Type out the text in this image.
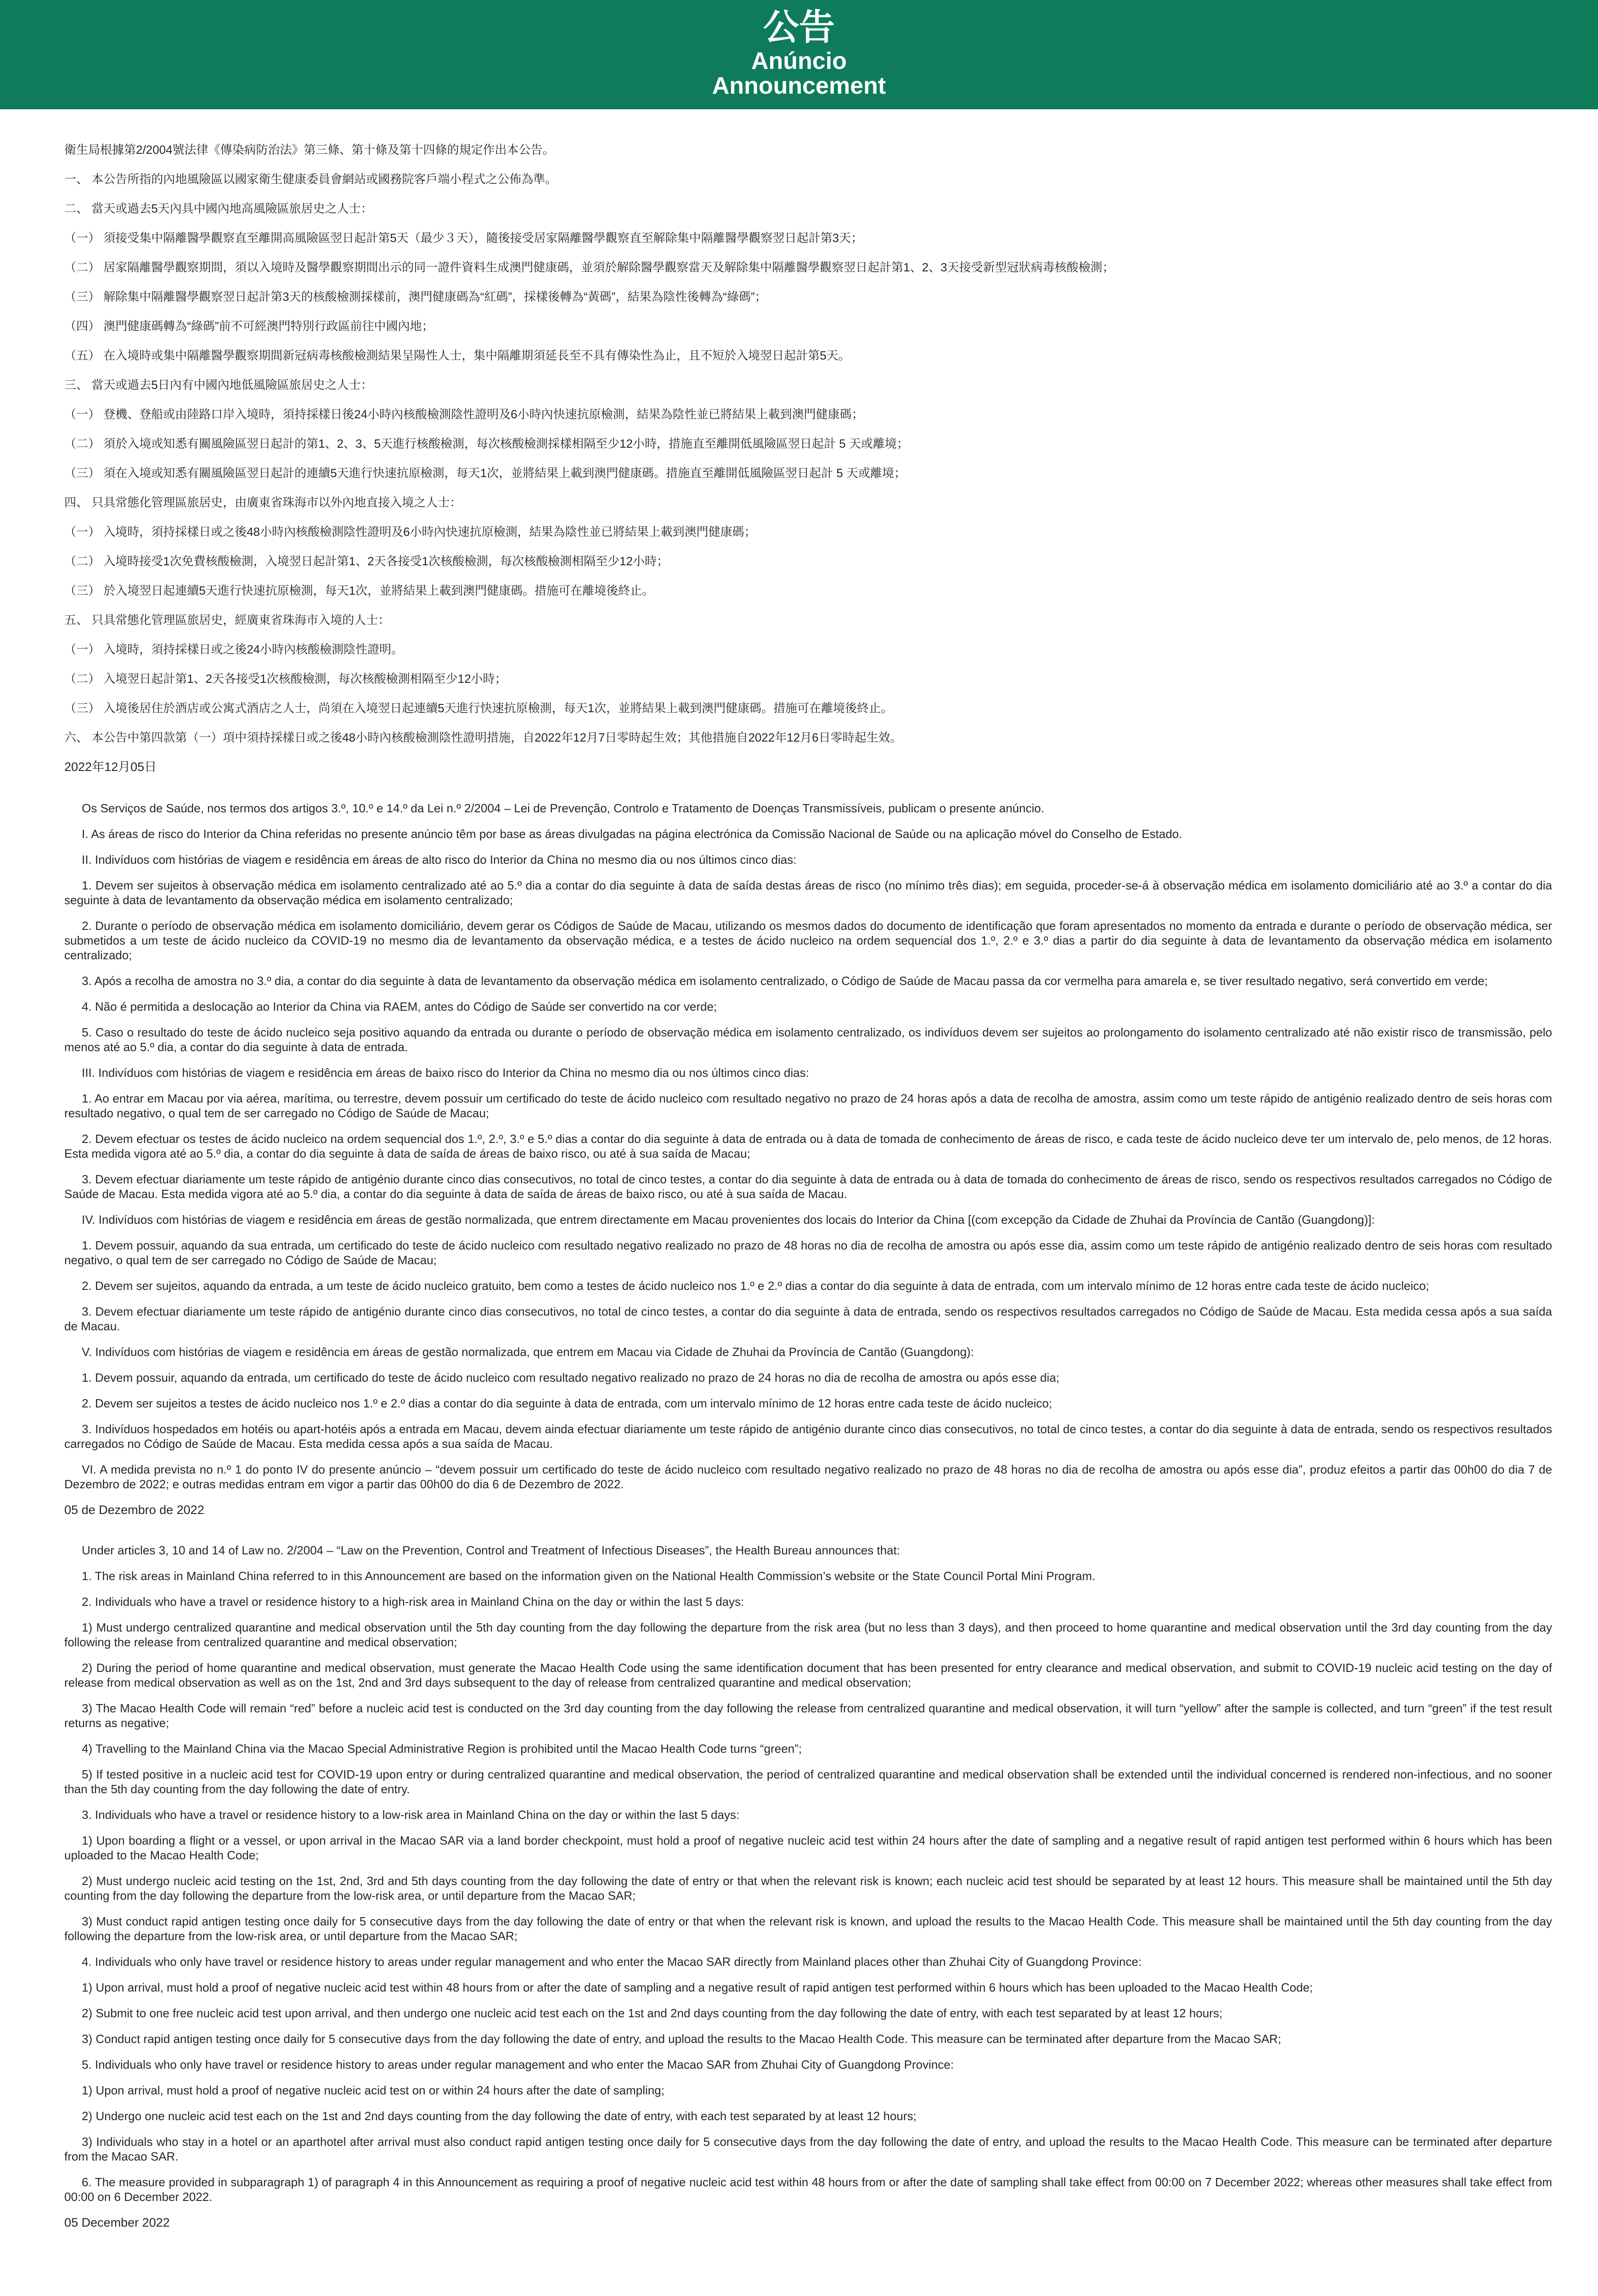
公告
Anúncio
Announcement

衛生局根據第2/2004號法律《傳染病防治法》第三條、第十條及第十四條的規定作出本公告。

一、 本公告所指的內地風險區以國家衛生健康委員會網站或國務院客戶端小程式之公佈為準。

二、 當天或過去5天內具中國內地高風險區旅居史之人士：

（一） 須接受集中隔離醫學觀察直至離開高風險區翌日起計第5天（最少３天），隨後接受居家隔離醫學觀察直至解除集中隔離醫學觀察翌日起計第3天；

（二） 居家隔離醫學觀察期間，須以入境時及醫學觀察期間出示的同一證件資料生成澳門健康碼，並須於解除醫學觀察當天及解除集中隔離醫學觀察翌日起計第1、2、3天接受新型冠狀病毒核酸檢測；

（三） 解除集中隔離醫學觀察翌日起計第3天的核酸檢測採樣前，澳門健康碼為“紅碼”，採樣後轉為“黃碼”，結果為陰性後轉為“綠碼”；

（四） 澳門健康碼轉為“綠碼”前不可經澳門特別行政區前往中國內地；

（五） 在入境時或集中隔離醫學觀察期間新冠病毒核酸檢測結果呈陽性人士，集中隔離期須延長至不具有傳染性為止，且不短於入境翌日起計第5天。

三、 當天或過去5日內有中國內地低風險區旅居史之人士：

（一） 登機、登船或由陸路口岸入境時，須持採樣日後24小時內核酸檢測陰性證明及6小時內快速抗原檢測，結果為陰性並已將結果上載到澳門健康碼；

（二） 須於入境或知悉有關風險區翌日起計的第1、2、3、5天進行核酸檢測，每次核酸檢測採樣相隔至少12小時，措施直至離開低風險區翌日起計 5 天或離境；

（三） 須在入境或知悉有關風險區翌日起計的連續5天進行快速抗原檢測，每天1次，並將結果上載到澳門健康碼。措施直至離開低風險區翌日起計 5 天或離境；

四、 只具常態化管理區旅居史，由廣東省珠海市以外內地直接入境之人士：

（一） 入境時，須持採樣日或之後48小時內核酸檢測陰性證明及6小時內快速抗原檢測，結果為陰性並已將結果上載到澳門健康碼；

（二） 入境時接受1次免費核酸檢測，入境翌日起計第1、2天各接受1次核酸檢測，每次核酸檢測相隔至少12小時；

（三） 於入境翌日起連續5天進行快速抗原檢測，每天1次，並將結果上載到澳門健康碼。措施可在離境後終止。

五、 只具常態化管理區旅居史，經廣東省珠海市入境的人士：

（一） 入境時，須持採樣日或之後24小時內核酸檢測陰性證明。

（二） 入境翌日起計第1、2天各接受1次核酸檢測，每次核酸檢測相隔至少12小時；

（三） 入境後居住於酒店或公寓式酒店之人士，尚須在入境翌日起連續5天進行快速抗原檢測，每天1次，並將結果上載到澳門健康碼。措施可在離境後終止。

六、 本公告中第四款第（一）項中須持採樣日或之後48小時內核酸檢測陰性證明措施，自2022年12月7日零時起生效；其他措施自2022年12月6日零時起生效。

2022年12月05日

Os Serviços de Saúde, nos termos dos artigos 3.º, 10.º e 14.º da Lei n.º 2/2004 – Lei de Prevenção, Controlo e Tratamento de Doenças Transmissíveis, publicam o presente anúncio.

I. As áreas de risco do Interior da China referidas no presente anúncio têm por base as áreas divulgadas na página electrónica da Comissão Nacional de Saúde ou na aplicação móvel do Conselho de Estado.

II. Indivíduos com histórias de viagem e residência em áreas de alto risco do Interior da China no mesmo dia ou nos últimos cinco dias:

1. Devem ser sujeitos à observação médica em isolamento centralizado até ao 5.º dia a contar do dia seguinte à data de saída destas áreas de risco (no mínimo três dias); em seguida, proceder-se-á à observação médica em isolamento domiciliário até ao 3.º a contar do dia seguinte à data de levantamento da observação médica em isolamento centralizado;

2. Durante o período de observação médica em isolamento domiciliário, devem gerar os Códigos de Saúde de Macau, utilizando os mesmos dados do documento de identificação que foram apresentados no momento da entrada e durante o período de observação médica, ser submetidos a um teste de ácido nucleico da COVID-19 no mesmo dia de levantamento da observação médica, e a testes de ácido nucleico na ordem sequencial dos 1.º, 2.º e 3.º dias a partir do dia seguinte à data de levantamento da observação médica em isolamento centralizado;

3. Após a recolha de amostra no 3.º dia, a contar do dia seguinte à data de levantamento da observação médica em isolamento centralizado, o Código de Saúde de Macau passa da cor vermelha para amarela e, se tiver resultado negativo, será convertido em verde;

4. Não é permitida a deslocação ao Interior da China via RAEM, antes do Código de Saúde ser convertido na cor verde;

5. Caso o resultado do teste de ácido nucleico seja positivo aquando da entrada ou durante o período de observação médica em isolamento centralizado, os indivíduos devem ser sujeitos ao prolongamento do isolamento centralizado até não existir risco de transmissão, pelo menos até ao 5.º dia, a contar do dia seguinte à data de entrada.

III. Indivíduos com histórias de viagem e residência em áreas de baixo risco do Interior da China no mesmo dia ou nos últimos cinco dias:

1. Ao entrar em Macau por via aérea, marítima, ou terrestre, devem possuir um certificado do teste de ácido nucleico com resultado negativo no prazo de 24 horas após a data de recolha de amostra, assim como um teste rápido de antigénio realizado dentro de seis horas com resultado negativo, o qual tem de ser carregado no Código de Saúde de Macau;

2. Devem efectuar os testes de ácido nucleico na ordem sequencial dos 1.º, 2.º, 3.º e 5.º dias a contar do dia seguinte à data de entrada ou à data de tomada de conhecimento de áreas de risco, e cada teste de ácido nucleico deve ter um intervalo de, pelo menos, de 12 horas. Esta medida vigora até ao 5.º dia, a contar do dia seguinte à data de saída de áreas de baixo risco, ou até à sua saída de Macau;

3. Devem efectuar diariamente um teste rápido de antigénio durante cinco dias consecutivos, no total de cinco testes, a contar do dia seguinte à data de entrada ou à data de tomada do conhecimento de áreas de risco, sendo os respectivos resultados carregados no Código de Saúde de Macau. Esta medida vigora até ao 5.º dia, a contar do dia seguinte à data de saída de áreas de baixo risco, ou até à sua saída de Macau.

IV. Indivíduos com histórias de viagem e residência em áreas de gestão normalizada, que entrem directamente em Macau provenientes dos locais do Interior da China [(com excepção da Cidade de Zhuhai da Província de Cantão (Guangdong)]:

1. Devem possuir, aquando da sua entrada, um certificado do teste de ácido nucleico com resultado negativo realizado no prazo de 48 horas no dia de recolha de amostra ou após esse dia, assim como um teste rápido de antigénio realizado dentro de seis horas com resultado negativo, o qual tem de ser carregado no Código de Saúde de Macau;

2. Devem ser sujeitos, aquando da entrada, a um teste de ácido nucleico gratuito, bem como a testes de ácido nucleico nos 1.º e 2.º dias a contar do dia seguinte à data de entrada, com um intervalo mínimo de 12 horas entre cada teste de ácido nucleico;

3. Devem efectuar diariamente um teste rápido de antigénio durante cinco dias consecutivos, no total de cinco testes, a contar do dia seguinte à data de entrada, sendo os respectivos resultados carregados no Código de Saúde de Macau. Esta medida cessa após a sua saída de Macau.

V. Indivíduos com histórias de viagem e residência em áreas de gestão normalizada, que entrem em Macau via Cidade de Zhuhai da Província de Cantão (Guangdong):

1. Devem possuir, aquando da entrada, um certificado do teste de ácido nucleico com resultado negativo realizado no prazo de 24 horas no dia de recolha de amostra ou após esse dia;

2. Devem ser sujeitos a testes de ácido nucleico nos 1.º e 2.º dias a contar do dia seguinte à data de entrada, com um intervalo mínimo de 12 horas entre cada teste de ácido nucleico;

3. Indivíduos hospedados em hotéis ou apart-hotéis após a entrada em Macau, devem ainda efectuar diariamente um teste rápido de antigénio durante cinco dias consecutivos, no total de cinco testes, a contar do dia seguinte à data de entrada, sendo os respectivos resultados carregados no Código de Saúde de Macau. Esta medida cessa após a sua saída de Macau.

VI. A medida prevista no n.º 1 do ponto IV do presente anúncio – “devem possuir um certificado do teste de ácido nucleico com resultado negativo realizado no prazo de 48 horas no dia de recolha de amostra ou após esse dia”, produz efeitos a partir das 00h00 do dia 7 de Dezembro de 2022; e outras medidas entram em vigor a partir das 00h00 do dia 6 de Dezembro de 2022.

05 de Dezembro de 2022

Under articles 3, 10 and 14 of Law no. 2/2004 – “Law on the Prevention, Control and Treatment of Infectious Diseases”, the Health Bureau announces that:

1. The risk areas in Mainland China referred to in this Announcement are based on the information given on the National Health Commission’s website or the State Council Portal Mini Program.

2. Individuals who have a travel or residence history to a high-risk area in Mainland China on the day or within the last 5 days:

1) Must undergo centralized quarantine and medical observation until the 5th day counting from the day following the departure from the risk area (but no less than 3 days), and then proceed to home quarantine and medical observation until the 3rd day counting from the day following the release from centralized quarantine and medical observation;

2) During the period of home quarantine and medical observation, must generate the Macao Health Code using the same identification document that has been presented for entry clearance and medical observation, and submit to COVID-19 nucleic acid testing on the day of release from medical observation as well as on the 1st, 2nd and 3rd days subsequent to the day of release from centralized quarantine and medical observation;

3) The Macao Health Code will remain “red” before a nucleic acid test is conducted on the 3rd day counting from the day following the release from centralized quarantine and medical observation, it will turn “yellow” after the sample is collected, and turn “green” if the test result returns as negative;

4) Travelling to the Mainland China via the Macao Special Administrative Region is prohibited until the Macao Health Code turns “green”;

5) If tested positive in a nucleic acid test for COVID-19 upon entry or during centralized quarantine and medical observation, the period of centralized quarantine and medical observation shall be extended until the individual concerned is rendered non-infectious, and no sooner than the 5th day counting from the day following the date of entry.

3. Individuals who have a travel or residence history to a low-risk area in Mainland China on the day or within the last 5 days:

1) Upon boarding a flight or a vessel, or upon arrival in the Macao SAR via a land border checkpoint, must hold a proof of negative nucleic acid test within 24 hours after the date of sampling and a negative result of rapid antigen test performed within 6 hours which has been uploaded to the Macao Health Code;

2) Must undergo nucleic acid testing on the 1st, 2nd, 3rd and 5th days counting from the day following the date of entry or that when the relevant risk is known; each nucleic acid test should be separated by at least 12 hours. This measure shall be maintained until the 5th day counting from the day following the departure from the low-risk area, or until departure from the Macao SAR;

3) Must conduct rapid antigen testing once daily for 5 consecutive days from the day following the date of entry or that when the relevant risk is known, and upload the results to the Macao Health Code. This measure shall be maintained until the 5th day counting from the day following the departure from the low-risk area, or until departure from the Macao SAR;

4. Individuals who only have travel or residence history to areas under regular management and who enter the Macao SAR directly from Mainland places other than Zhuhai City of Guangdong Province:

1) Upon arrival, must hold a proof of negative nucleic acid test within 48 hours from or after the date of sampling and a negative result of rapid antigen test performed within 6 hours which has been uploaded to the Macao Health Code;

2) Submit to one free nucleic acid test upon arrival, and then undergo one nucleic acid test each on the 1st and 2nd days counting from the day following the date of entry, with each test separated by at least 12 hours;

3) Conduct rapid antigen testing once daily for 5 consecutive days from the day following the date of entry, and upload the results to the Macao Health Code. This measure can be terminated after departure from the Macao SAR;

5. Individuals who only have travel or residence history to areas under regular management and who enter the Macao SAR from Zhuhai City of Guangdong Province:

1) Upon arrival, must hold a proof of negative nucleic acid test on or within 24 hours after the date of sampling;

2) Undergo one nucleic acid test each on the 1st and 2nd days counting from the day following the date of entry, with each test separated by at least 12 hours;

3) Individuals who stay in a hotel or an aparthotel after arrival must also conduct rapid antigen testing once daily for 5 consecutive days from the day following the date of entry, and upload the results to the Macao Health Code. This measure can be terminated after departure from the Macao SAR.

6. The measure provided in subparagraph 1) of paragraph 4 in this Announcement as requiring a proof of negative nucleic acid test within 48 hours from or after the date of sampling shall take effect from 00:00 on 7 December 2022; whereas other measures shall take effect from 00:00 on 6 December 2022.

05 December 2022
